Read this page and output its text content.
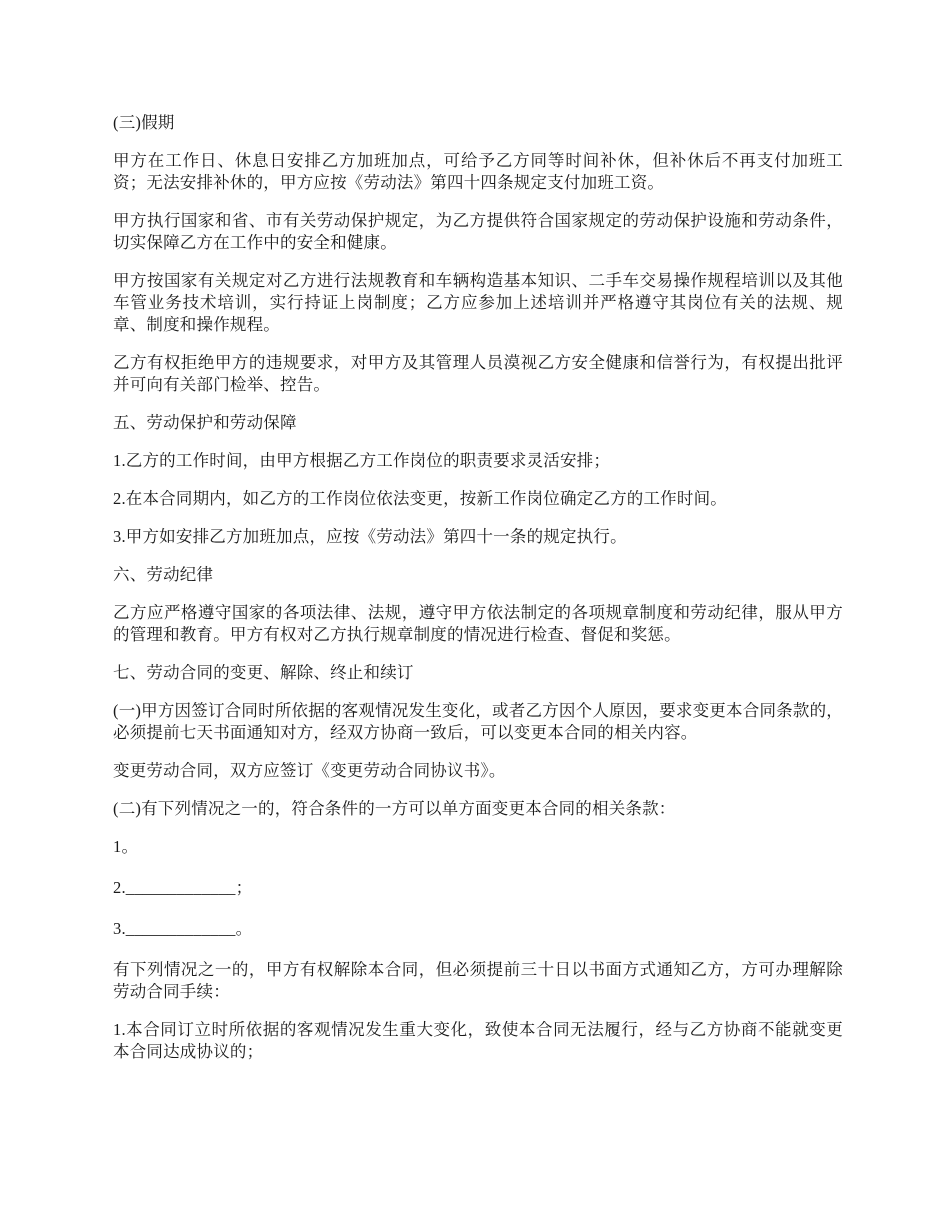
(三)假期

甲方在工作日、休息日安排乙方加班加点，可给予乙方同等时间补休，但补休后不再支付加班工资；无法安排补休的，甲方应按《劳动法》第四十四条规定支付加班工资。

甲方执行国家和省、市有关劳动保护规定，为乙方提供符合国家规定的劳动保护设施和劳动条件，切实保障乙方在工作中的安全和健康。

甲方按国家有关规定对乙方进行法规教育和车辆构造基本知识、二手车交易操作规程培训以及其他车管业务技术培训，实行持证上岗制度；乙方应参加上述培训并严格遵守其岗位有关的法规、规章、制度和操作规程。

乙方有权拒绝甲方的违规要求，对甲方及其管理人员漠视乙方安全健康和信誉行为，有权提出批评并可向有关部门检举、控告。

五、劳动保护和劳动保障

1.乙方的工作时间，由甲方根据乙方工作岗位的职责要求灵活安排；

2.在本合同期内，如乙方的工作岗位依法变更，按新工作岗位确定乙方的工作时间。

3.甲方如安排乙方加班加点，应按《劳动法》第四十一条的规定执行。

六、劳动纪律

乙方应严格遵守国家的各项法律、法规，遵守甲方依法制定的各项规章制度和劳动纪律，服从甲方的管理和教育。甲方有权对乙方执行规章制度的情况进行检查、督促和奖惩。

七、劳动合同的变更、解除、终止和续订

(一)甲方因签订合同时所依据的客观情况发生变化，或者乙方因个人原因，要求变更本合同条款的，必须提前七天书面通知对方，经双方协商一致后，可以变更本合同的相关内容。

变更劳动合同，双方应签订《变更劳动合同协议书》。

(二)有下列情况之一的，符合条件的一方可以单方面变更本合同的相关条款：

1。

2._____________；

3._____________。

有下列情况之一的，甲方有权解除本合同，但必须提前三十日以书面方式通知乙方，方可办理解除劳动合同手续：

1.本合同订立时所依据的客观情况发生重大变化，致使本合同无法履行，经与乙方协商不能就变更本合同达成协议的；
